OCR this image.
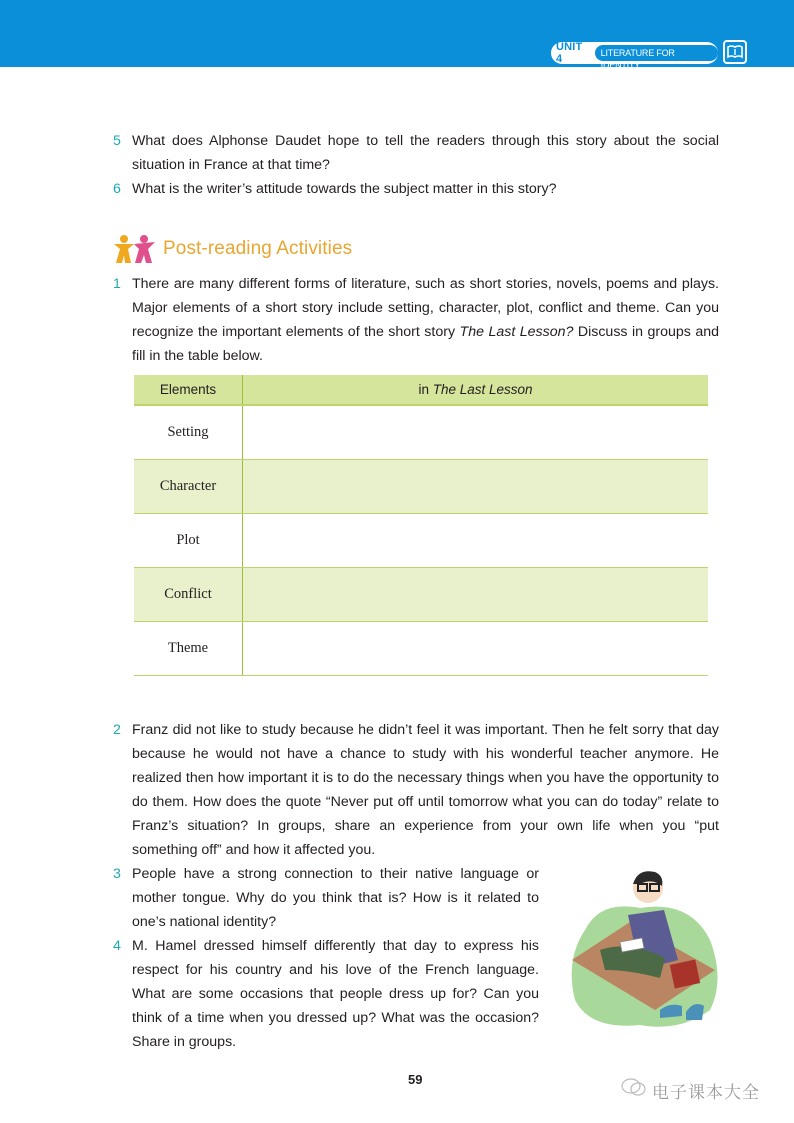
UNIT 4	LITERATURE FOR IDENTITY
5 What does Alphonse Daudet hope to tell the readers through this story about the social situation in France at that time?
6 What is the writer’s attitude towards the subject matter in this story?
Post-reading Activities
1 There are many different forms of literature, such as short stories, novels, poems and plays. Major elements of a short story include setting, character, plot, conflict and theme. Can you recognize the important elements of the short story The Last Lesson? Discuss in groups and fill in the table below.
Elements	in The Last Lesson
Setting	
Character	
Plot	
Conflict	
Theme	
2 Franz did not like to study because he didn’t feel it was important. Then he felt sorry that day because he would not have a chance to study with his wonderful teacher anymore. He realized then how important it is to do the necessary things when you have the opportunity to do them. How does the quote “Never put off until tomorrow what you can do today” relate to Franz’s situation? In groups, share an experience from your own life when you “put something off” and how it affected you.
3 People have a strong connection to their native language or mother tongue. Why do you think that is? How is it related to one’s national identity?
4 M. Hamel dressed himself differently that day to express his respect for his country and his love of the French language. What are some occasions that people dress up for? Can you think of a time when you dressed up? What was the occasion? Share in groups.
59
电子课本大全
